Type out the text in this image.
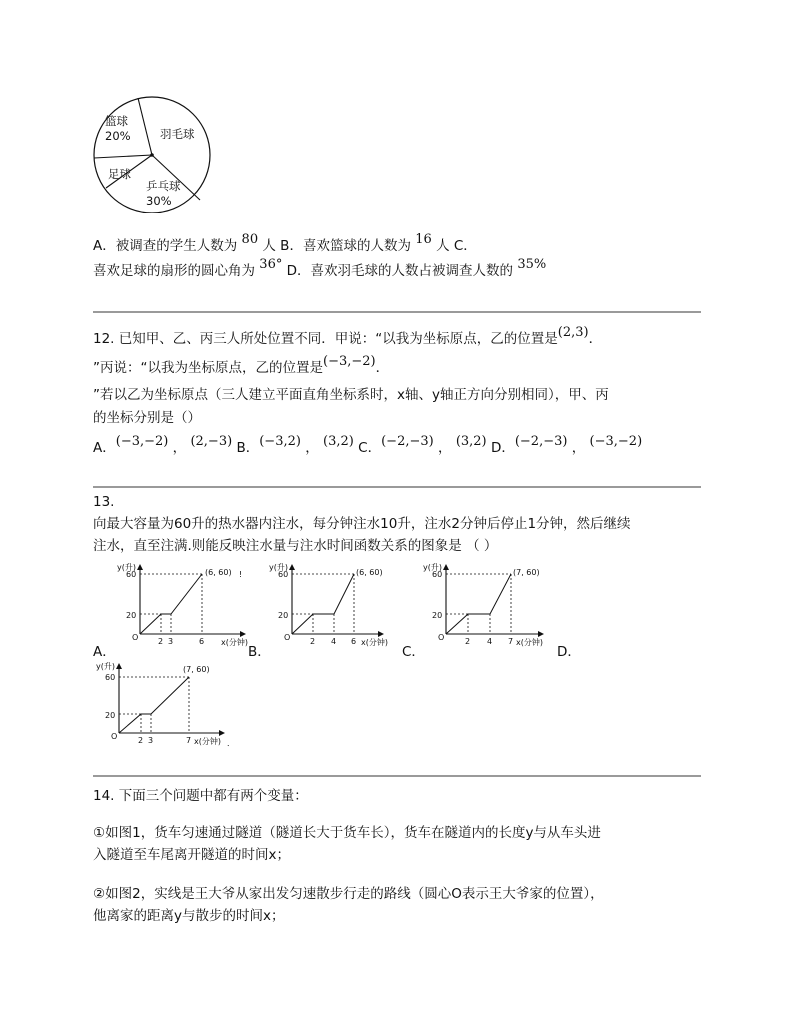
篮球
20%	羽毛球
足球
乒乓球
30%
A．被调查的学生人数为 80 人 B．喜欢篮球的人数为 16 人 C．
喜欢足球的扇形的圆心角为 36° D．喜欢羽毛球的人数占被调查人数的 35%
12. 已知甲、乙、丙三人所处位置不同．甲说：“以我为坐标原点，乙的位置是(2,3)．
”丙说：“以我为坐标原点，乙的位置是(−3,−2)．
”若以乙为坐标原点（三人建立平面直角坐标系时，x轴、y轴正方向分别相同），甲、丙
的坐标分别是（）
A．(−3,−2) ， (2,−3) B．(−3,2) ， (3,2) C．(−2,−3) ， (3,2) D．(−2,−3) ， (−3,−2)
13.
向最大容量为60升的热水器内注水，每分钟注水10升，注水2分钟后停止1分钟，然后继续
注水，直至注满.则能反映注水量与注水时间函数关系的图象是 （ ）
y(升)
x(分钟)
O
60
20
2 3	6
(6, 60) !
A．
y(升)
x(分钟)
O
60
20
2 4 6
(6, 60)
B．
y(升)
x(分钟)
O
60
20
2 4 7
(7, 60)
C．	D．
y(升)
x(分钟)
O
60
20
2 3	7
(7, 60)
．
14. 下面三个问题中都有两个变量：
①如图1，货车匀速通过隧道（隧道长大于货车长），货车在隧道内的长度y与从车头进
入隧道至车尾离开隧道的时间x；
②如图2，实线是王大爷从家出发匀速散步行走的路线（圆心O表示王大爷家的位置），
他离家的距离y与散步的时间x；
